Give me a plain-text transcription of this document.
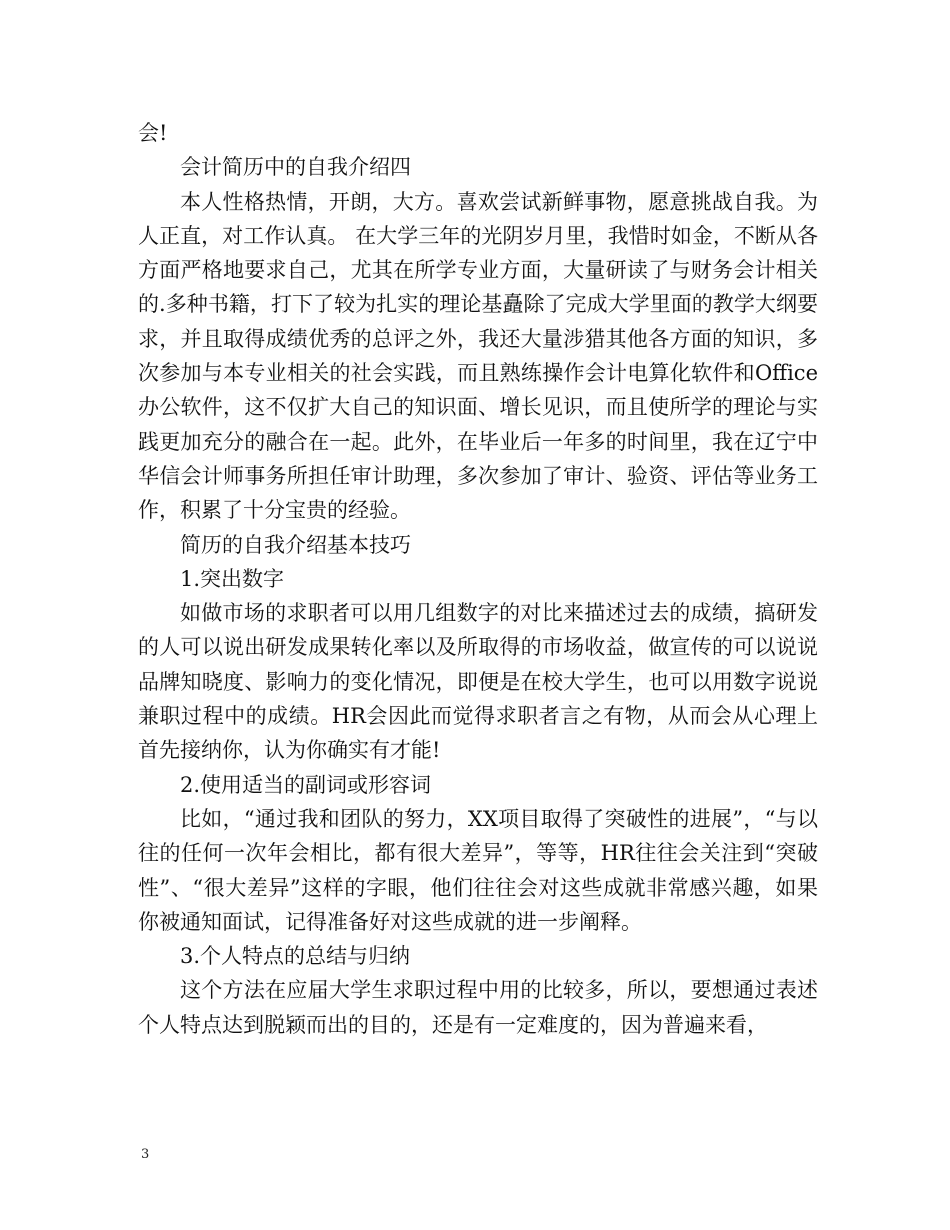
会!

会计简历中的自我介绍四

本人性格热情，开朗，大方。喜欢尝试新鲜事物，愿意挑战自我。为人正直，对工作认真。 在大学三年的光阴岁月里，我惜时如金，不断从各方面严格地要求自己，尤其在所学专业方面，大量研读了与财务会计相关的.多种书籍，打下了较为扎实的理论基矗除了完成大学里面的教学大纲要求，并且取得成绩优秀的总评之外，我还大量涉猎其他各方面的知识，多次参加与本专业相关的社会实践，而且熟练操作会计电算化软件和Office办公软件，这不仅扩大自己的知识面、增长见识，而且使所学的理论与实践更加充分的融合在一起。此外，在毕业后一年多的时间里，我在辽宁中华信会计师事务所担任审计助理，多次参加了审计、验资、评估等业务工作，积累了十分宝贵的经验。

简历的自我介绍基本技巧

1.突出数字

如做市场的求职者可以用几组数字的对比来描述过去的成绩，搞研发的人可以说出研发成果转化率以及所取得的市场收益，做宣传的可以说说品牌知晓度、影响力的变化情况，即便是在校大学生，也可以用数字说说兼职过程中的成绩。HR会因此而觉得求职者言之有物，从而会从心理上首先接纳你，认为你确实有才能!

2.使用适当的副词或形容词

比如，“通过我和团队的努力，XX项目取得了突破性的进展”，“与以往的任何一次年会相比，都有很大差异”，等等，HR往往会关注到“突破性”、“很大差异”这样的字眼，他们往往会对这些成就非常感兴趣，如果你被通知面试，记得准备好对这些成就的进一步阐释。

3.个人特点的总结与归纳

这个方法在应届大学生求职过程中用的比较多，所以，要想通过表述个人特点达到脱颖而出的目的，还是有一定难度的，因为普遍来看，

3
